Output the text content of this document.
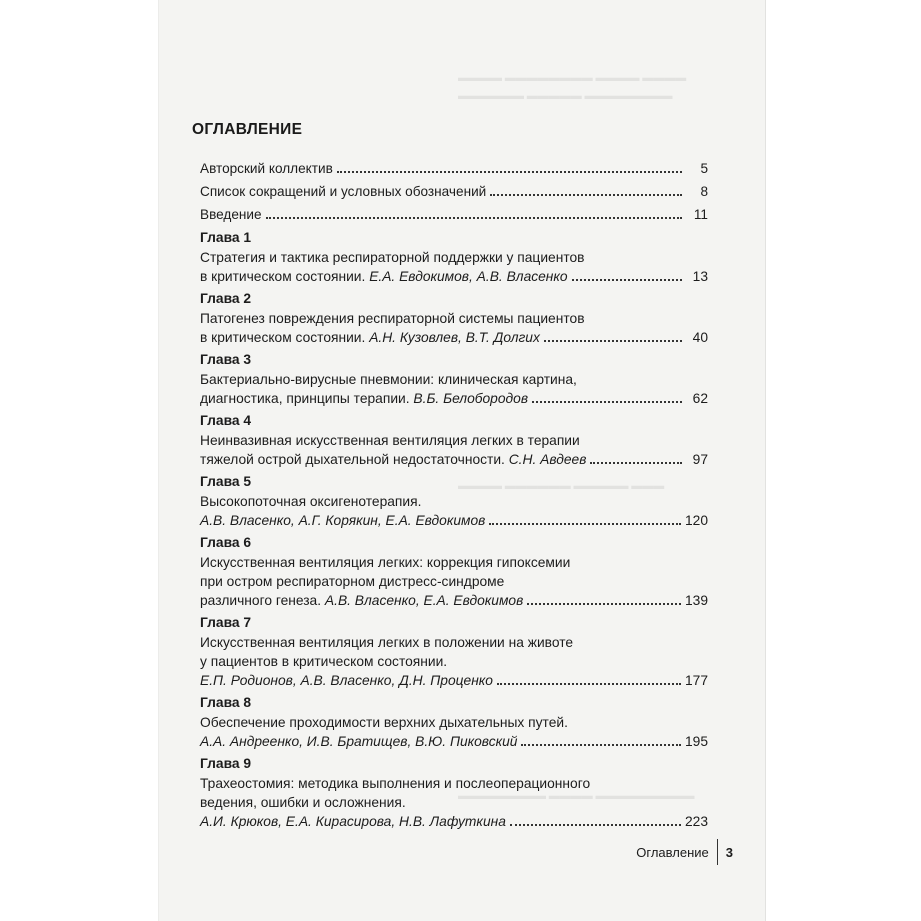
▬▬▬▬ ▬▬▬▬▬▬▬▬ ▬▬▬▬ ▬▬▬▬
▬▬▬▬▬▬ ▬▬▬▬▬ ▬▬▬▬▬▬▬▬
▬▬▬▬ ▬▬▬▬▬▬ ▬▬▬▬▬ ▬▬▬
▬▬▬▬▬▬▬▬ ▬▬▬▬ ▬▬▬▬▬▬▬▬▬
ОГЛАВЛЕНИЕ
Авторский коллектив	5
Список сокращений и условных обозначений	8
Введение	11
Глава 1
Стратегия и тактика респираторной поддержки у пациентов
в критическом состоянии. Е.А. Евдокимов, А.В. Власенко	13
Глава 2
Патогенез повреждения респираторной системы пациентов
в критическом состоянии. А.Н. Кузовлев, В.Т. Долгих	40
Глава 3
Бактериально-вирусные пневмонии: клиническая картина,
диагностика, принципы терапии. В.Б. Белобородов	62
Глава 4
Неинвазивная искусственная вентиляция легких в терапии
тяжелой острой дыхательной недостаточности. С.Н. Авдеев	97
Глава 5
Высокопоточная оксигенотерапия.
А.В. Власенко, А.Г. Корякин, Е.А. Евдокимов	120
Глава 6
Искусственная вентиляция легких: коррекция гипоксемии
при остром респираторном дистресс-синдроме
различного генеза. А.В. Власенко, Е.А. Евдокимов	139
Глава 7
Искусственная вентиляция легких в положении на животе
у пациентов в критическом состоянии.
Е.П. Родионов, А.В. Власенко, Д.Н. Проценко	177
Глава 8
Обеспечение проходимости верхних дыхательных путей.
А.А. Андреенко, И.В. Братищев, В.Ю. Пиковский	195
Глава 9
Трахеостомия: методика выполнения и послеоперационного
ведения, ошибки и осложнения.
А.И. Крюков, Е.А. Кирасирова, Н.В. Лафуткина	223
Оглавление 3
